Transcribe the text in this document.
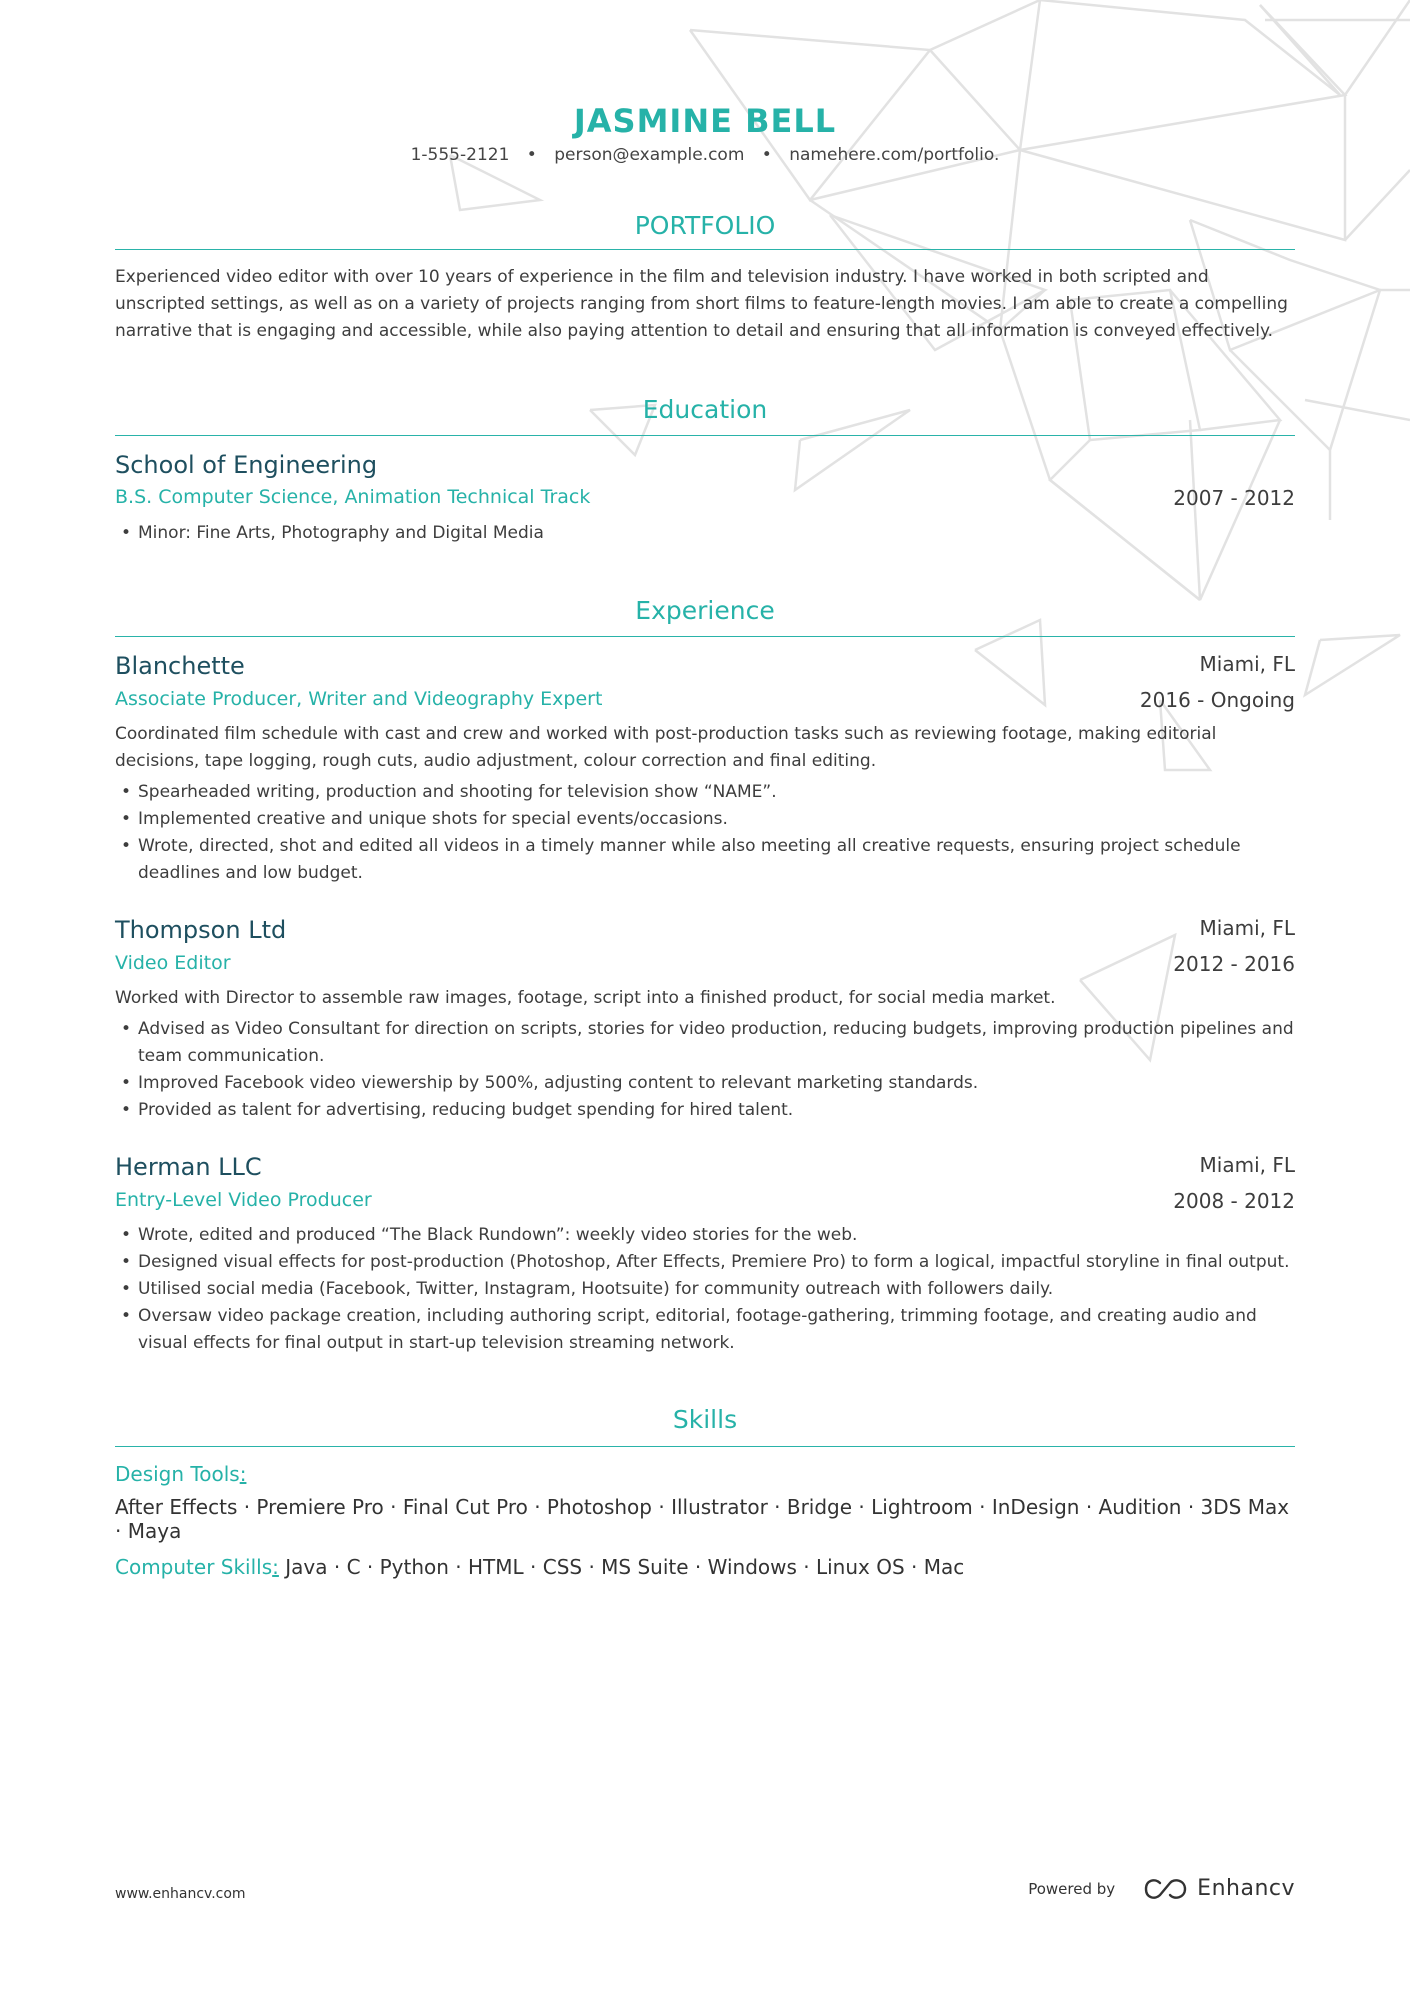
JASMINE BELL
1-555-2121 • person@example.com • namehere.com/portfolio.
PORTFOLIO
Experienced video editor with over 10 years of experience in the film and television industry. I have worked in both scripted and unscripted settings, as well as on a variety of projects ranging from short films to feature-length movies. I am able to create a compelling narrative that is engaging and accessible, while also paying attention to detail and ensuring that all information is conveyed effectively.
Education
School of Engineering
B.S. Computer Science, Animation Technical Track	2007 - 2012
• Minor: Fine Arts, Photography and Digital Media
Experience
Blanchette	Miami, FL
Associate Producer, Writer and Videography Expert	2016 - Ongoing
Coordinated film schedule with cast and crew and worked with post-production tasks such as reviewing footage, making editorial decisions, tape logging, rough cuts, audio adjustment, colour correction and final editing.
• Spearheaded writing, production and shooting for television show “NAME”.
• Implemented creative and unique shots for special events/occasions.
• Wrote, directed, shot and edited all videos in a timely manner while also meeting all creative requests, ensuring project schedule deadlines and low budget.
Thompson Ltd	Miami, FL
Video Editor	2012 - 2016
Worked with Director to assemble raw images, footage, script into a finished product, for social media market.
• Advised as Video Consultant for direction on scripts, stories for video production, reducing budgets, improving production pipelines and team communication.
• Improved Facebook video viewership by 500%, adjusting content to relevant marketing standards.
• Provided as talent for advertising, reducing budget spending for hired talent.
Herman LLC	Miami, FL
Entry-Level Video Producer	2008 - 2012
• Wrote, edited and produced “The Black Rundown”: weekly video stories for the web.
• Designed visual effects for post-production (Photoshop, After Effects, Premiere Pro) to form a logical, impactful storyline in final output.
• Utilised social media (Facebook, Twitter, Instagram, Hootsuite) for community outreach with followers daily.
• Oversaw video package creation, including authoring script, editorial, footage-gathering, trimming footage, and creating audio and visual effects for final output in start-up television streaming network.
Skills
Design Tools:
After Effects · Premiere Pro · Final Cut Pro · Photoshop · Illustrator · Bridge · Lightroom · InDesign · Audition · 3DS Max · Maya
Computer Skills: Java · C · Python · HTML · CSS · MS Suite · Windows · Linux OS · Mac
www.enhancv.com	Powered by	Enhancv
